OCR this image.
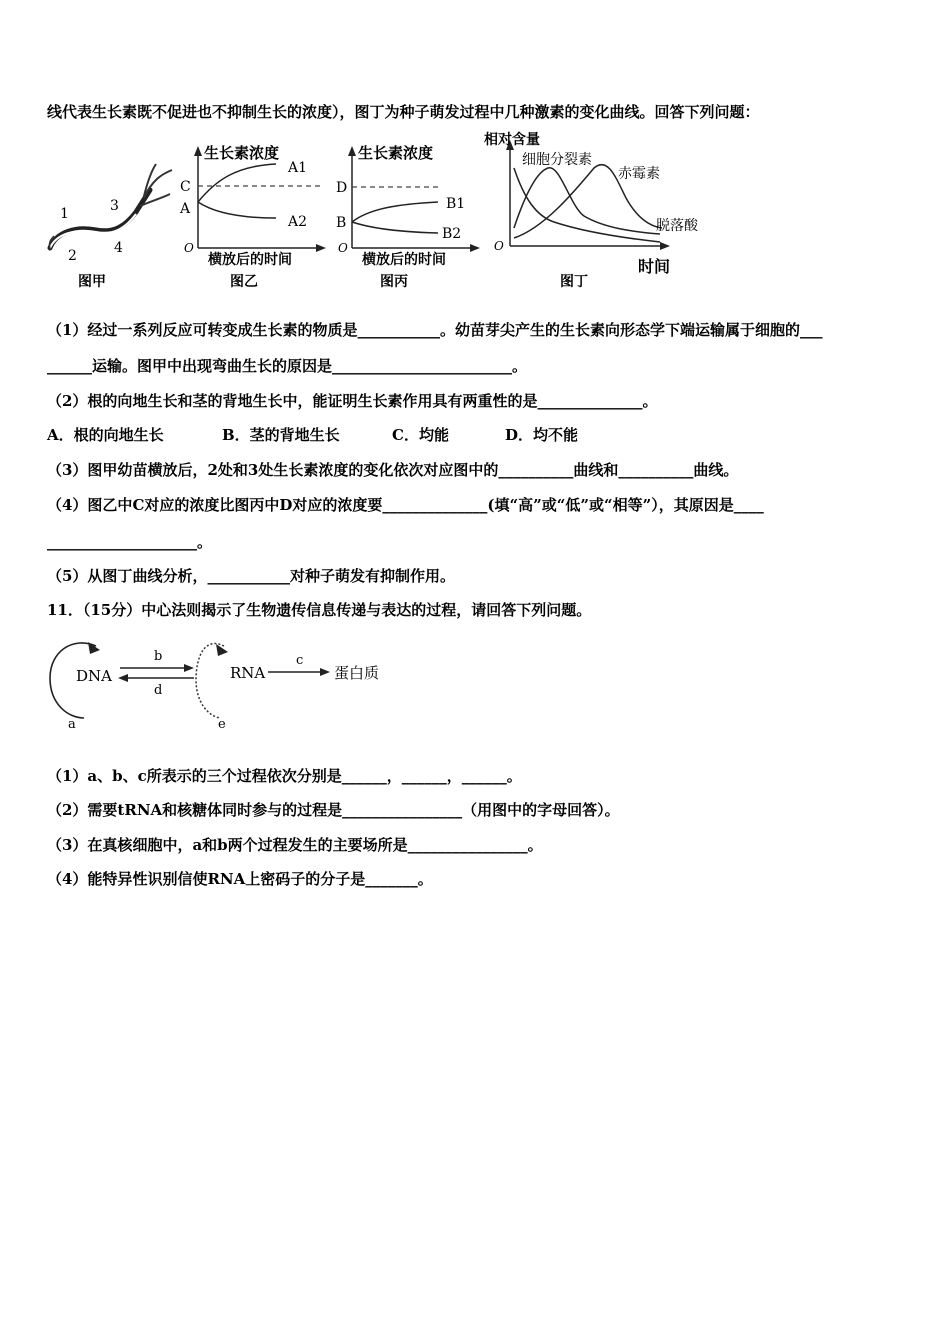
线代表生长素既不促进也不抑制生长的浓度），图丁为种子萌发过程中几种激素的变化曲线。回答下列问题：
1
2
3
4
图甲
生长素浓度
A1
A2
C
A
O
横放后的时间
图乙
生长素浓度
B1
B2
D
B
O
横放后的时间
图丙
相对含量
细胞分裂素
赤霉素
脱落酸
O
时间
图丁
（1）经过一系列反应可转变成生长素的物质是___________。幼苗芽尖产生的生长素向形态学下端运输属于细胞的___
______运输。图甲中出现弯曲生长的原因是________________________。
（2）根的向地生长和茎的背地生长中，能证明生长素作用具有两重性的是______________。
A．根的向地生长	B．茎的背地生长	C．均能	D．均不能
（3）图甲幼苗横放后，2处和3处生长素浓度的变化依次对应图中的__________曲线和__________曲线。
（4）图乙中C对应的浓度比图丙中D对应的浓度要______________(填“高”或“低”或“相等”），其原因是____
____________________。
（5）从图丁曲线分析，___________对种子萌发有抑制作用。
11．（15分）中心法则揭示了生物遗传信息传递与表达的过程，请回答下列问题。
DNA	RNA	蛋白质
b
d
c
a	e
（1）a、b、c所表示的三个过程依次分别是______，______，______。
（2）需要tRNA和核糖体同时参与的过程是________________（用图中的字母回答）。
（3）在真核细胞中，a和b两个过程发生的主要场所是________________。
（4）能特异性识别信使RNA上密码子的分子是_______。
